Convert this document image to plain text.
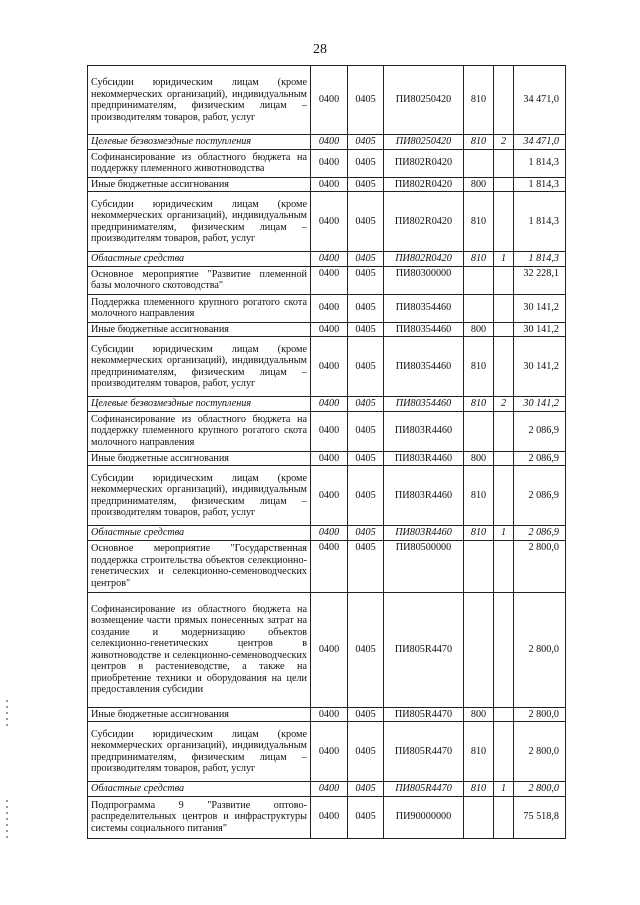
28
Субсидии юридическим лицам (кроме некоммерческих организаций), индивидуальным предпринимателям, физическим лицам – производителям товаров, работ, услуг	0400	0405	ПИ80250420	810		34 471,0
Целевые безвозмездные поступления	0400	0405	ПИ80250420	810	2	34 471,0
Софинансирование из областного бюджета на поддержку племенного животноводства	0400	0405	ПИ802R0420			1 814,3
Иные бюджетные ассигнования	0400	0405	ПИ802R0420	800		1 814,3
Субсидии юридическим лицам (кроме некоммерческих организаций), индивидуальным предпринимателям, физическим лицам – производителям товаров, работ, услуг	0400	0405	ПИ802R0420	810		1 814,3
Областные средства	0400	0405	ПИ802R0420	810	1	1 814,3
Основное мероприятие "Развитие племенной базы молочного скотоводства"	0400	0405	ПИ80300000			32 228,1
Поддержка племенного крупного рогатого скота молочного направления	0400	0405	ПИ80354460			30 141,2
Иные бюджетные ассигнования	0400	0405	ПИ80354460	800		30 141,2
Субсидии юридическим лицам (кроме некоммерческих организаций), индивидуальным предпринимателям, физическим лицам – производителям товаров, работ, услуг	0400	0405	ПИ80354460	810		30 141,2
Целевые безвозмездные поступления	0400	0405	ПИ80354460	810	2	30 141,2
Софинансирование из областного бюджета на поддержку племенного крупного рогатого скота молочного направления	0400	0405	ПИ803R4460			2 086,9
Иные бюджетные ассигнования	0400	0405	ПИ803R4460	800		2 086,9
Субсидии юридическим лицам (кроме некоммерческих организаций), индивидуальным предпринимателям, физическим лицам – производителям товаров, работ, услуг	0400	0405	ПИ803R4460	810		2 086,9
Областные средства	0400	0405	ПИ803R4460	810	1	2 086,9
Основное мероприятие "Государственная поддержка строительства объектов селекционно-генетических и селекционно-семеноводческих центров"	0400	0405	ПИ80500000			2 800,0
Софинансирование из областного бюджета на возмещение части прямых понесенных затрат на создание и модернизацию объектов селекционно-генетических центров в животноводстве и селекционно-семеноводческих центров в растениеводстве, а также на приобретение техники и оборудования на цели предоставления субсидии	0400	0405	ПИ805R4470			2 800,0
Иные бюджетные ассигнования	0400	0405	ПИ805R4470	800		2 800,0
Субсидии юридическим лицам (кроме некоммерческих организаций), индивидуальным предпринимателям, физическим лицам – производителям товаров, работ, услуг	0400	0405	ПИ805R4470	810		2 800,0
Областные средства	0400	0405	ПИ805R4470	810	1	2 800,0
Подпрограмма 9 "Развитие оптово-распределительных центров и инфраструктуры системы социального питания"	0400	0405	ПИ90000000			75 518,8
